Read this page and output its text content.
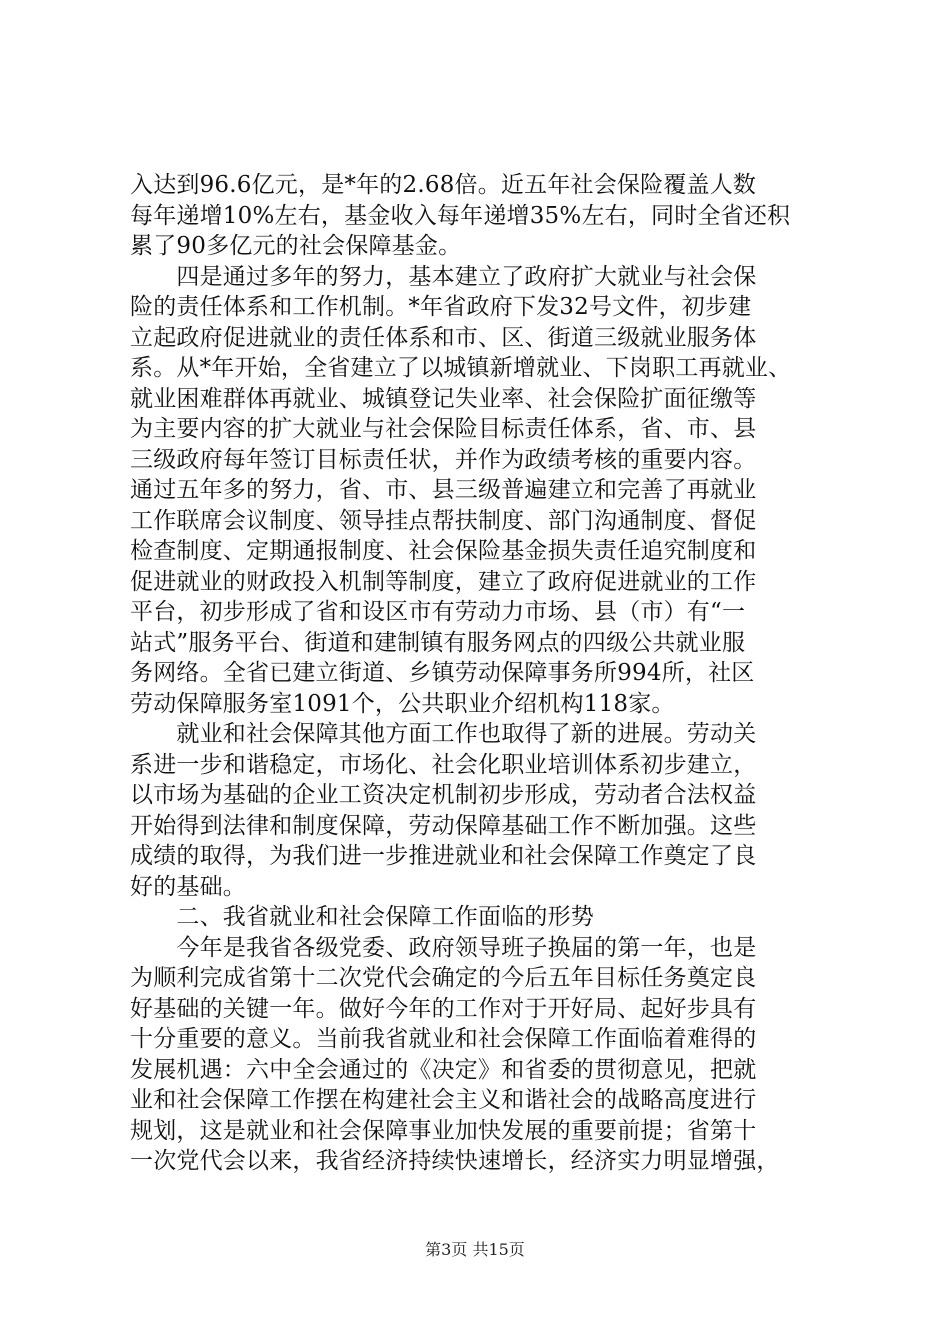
入达到96.6亿元，是*年的2.68倍。近五年社会保险覆盖人数
每年递增10%左右，基金收入每年递增35%左右，同时全省还积
累了90多亿元的社会保障基金。
　　四是通过多年的努力，基本建立了政府扩大就业与社会保
险的责任体系和工作机制。*年省政府下发32号文件，初步建
立起政府促进就业的责任体系和市、区、街道三级就业服务体
系。从*年开始，全省建立了以城镇新增就业、下岗职工再就业、
就业困难群体再就业、城镇登记失业率、社会保险扩面征缴等
为主要内容的扩大就业与社会保险目标责任体系，省、市、县
三级政府每年签订目标责任状，并作为政绩考核的重要内容。
通过五年多的努力，省、市、县三级普遍建立和完善了再就业
工作联席会议制度、领导挂点帮扶制度、部门沟通制度、督促
检查制度、定期通报制度、社会保险基金损失责任追究制度和
促进就业的财政投入机制等制度，建立了政府促进就业的工作
平台，初步形成了省和设区市有劳动力市场、县（市）有“一
站式”服务平台、街道和建制镇有服务网点的四级公共就业服
务网络。全省已建立街道、乡镇劳动保障事务所994所，社区
劳动保障服务室1091个，公共职业介绍机构118家。
　　就业和社会保障其他方面工作也取得了新的进展。劳动关
系进一步和谐稳定，市场化、社会化职业培训体系初步建立，
以市场为基础的企业工资决定机制初步形成，劳动者合法权益
开始得到法律和制度保障，劳动保障基础工作不断加强。这些
成绩的取得，为我们进一步推进就业和社会保障工作奠定了良
好的基础。
　　二、我省就业和社会保障工作面临的形势
　　今年是我省各级党委、政府领导班子换届的第一年，也是
为顺利完成省第十二次党代会确定的今后五年目标任务奠定良
好基础的关键一年。做好今年的工作对于开好局、起好步具有
十分重要的意义。当前我省就业和社会保障工作面临着难得的
发展机遇：六中全会通过的《决定》和省委的贯彻意见，把就
业和社会保障工作摆在构建社会主义和谐社会的战略高度进行
规划，这是就业和社会保障事业加快发展的重要前提；省第十
一次党代会以来，我省经济持续快速增长，经济实力明显增强，
第3页 共15页
